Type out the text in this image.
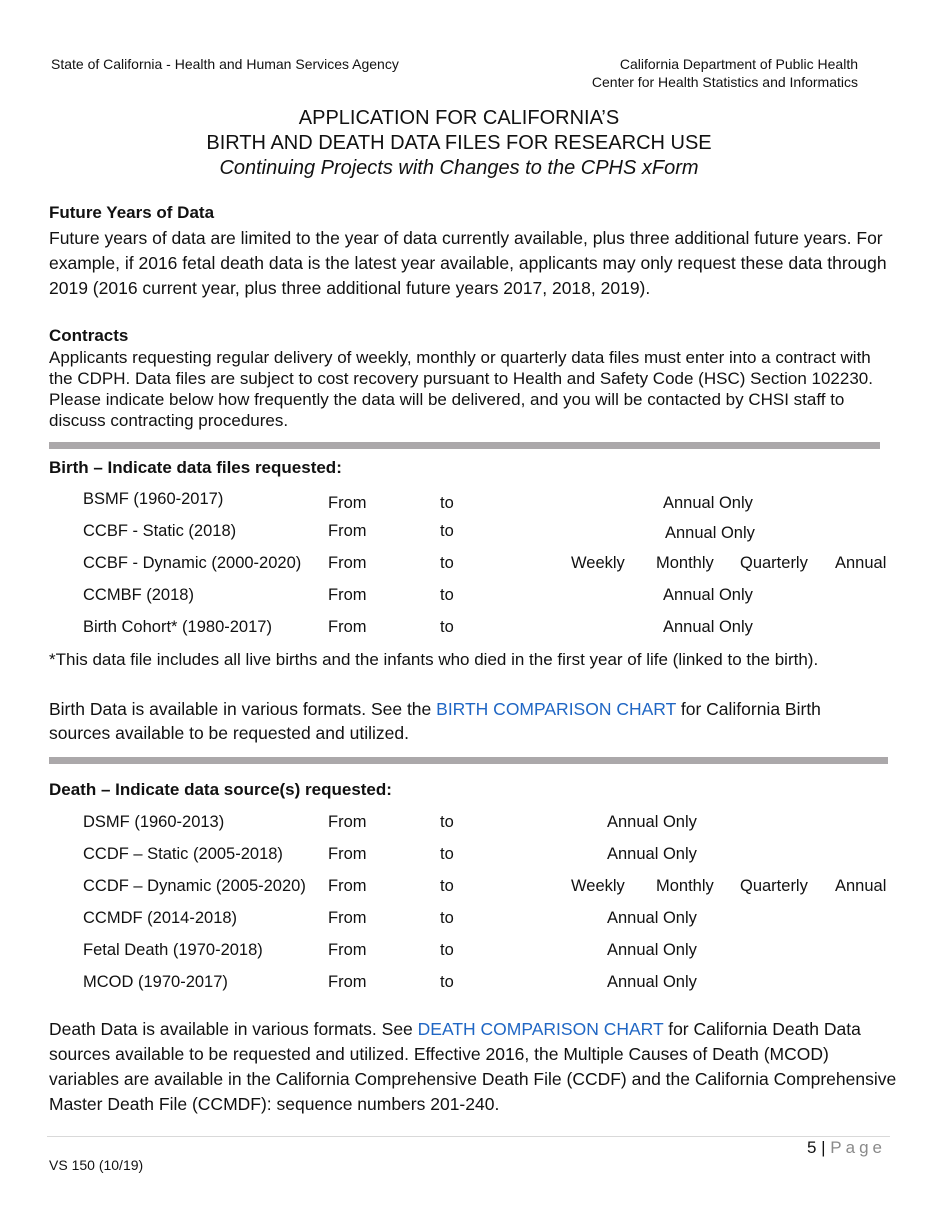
State of California - Health and Human Services Agency	California Department of Public Health
Center for Health Statistics and Informatics
APPLICATION FOR CALIFORNIA’S
BIRTH AND DEATH DATA FILES FOR RESEARCH USE
Continuing Projects with Changes to the CPHS xForm
Future Years of Data
Future years of data are limited to the year of data currently available, plus three additional future years. For example, if 2016 fetal death data is the latest year available, applicants may only request these data through 2019 (2016 current year, plus three additional future years 2017, 2018, 2019).
Contracts
Applicants requesting regular delivery of weekly, monthly or quarterly data files must enter into a contract with the CDPH. Data files are subject to cost recovery pursuant to Health and Safety Code (HSC) Section 102230. Please indicate below how frequently the data will be delivered, and you will be contacted by CHSI staff to discuss contracting procedures.
Birth – Indicate data files requested:
BSMF (1960-2017)	From	to	Annual Only
CCBF - Static (2018)	From	to	Annual Only
CCBF - Dynamic (2000-2020) From	to	Weekly Monthly Quarterly Annual
CCMBF (2018)	From	to	Annual Only
Birth Cohort* (1980-2017)	From	to	Annual Only
*This data file includes all live births and the infants who died in the first year of life (linked to the birth).
Birth Data is available in various formats. See the BIRTH COMPARISON CHART for California Birth
sources available to be requested and utilized.
Death – Indicate data source(s) requested:
DSMF (1960-2013)	From	to	Annual Only
CCDF – Static (2005-2018)	From	to	Annual Only
CCDF – Dynamic (2005-2020) From	to	Weekly Monthly Quarterly Annual
CCMDF (2014-2018)	From	to	Annual Only
Fetal Death (1970-2018)	From	to	Annual Only
MCOD (1970-2017)	From	to	Annual Only
Death Data is available in various formats. See DEATH COMPARISON CHART for California Death Data sources available to be requested and utilized. Effective 2016, the Multiple Causes of Death (MCOD) variables are available in the California Comprehensive Death File (CCDF) and the California Comprehensive Master Death File (CCMDF): sequence numbers 201-240.
5 | Page
VS 150 (10/19)
